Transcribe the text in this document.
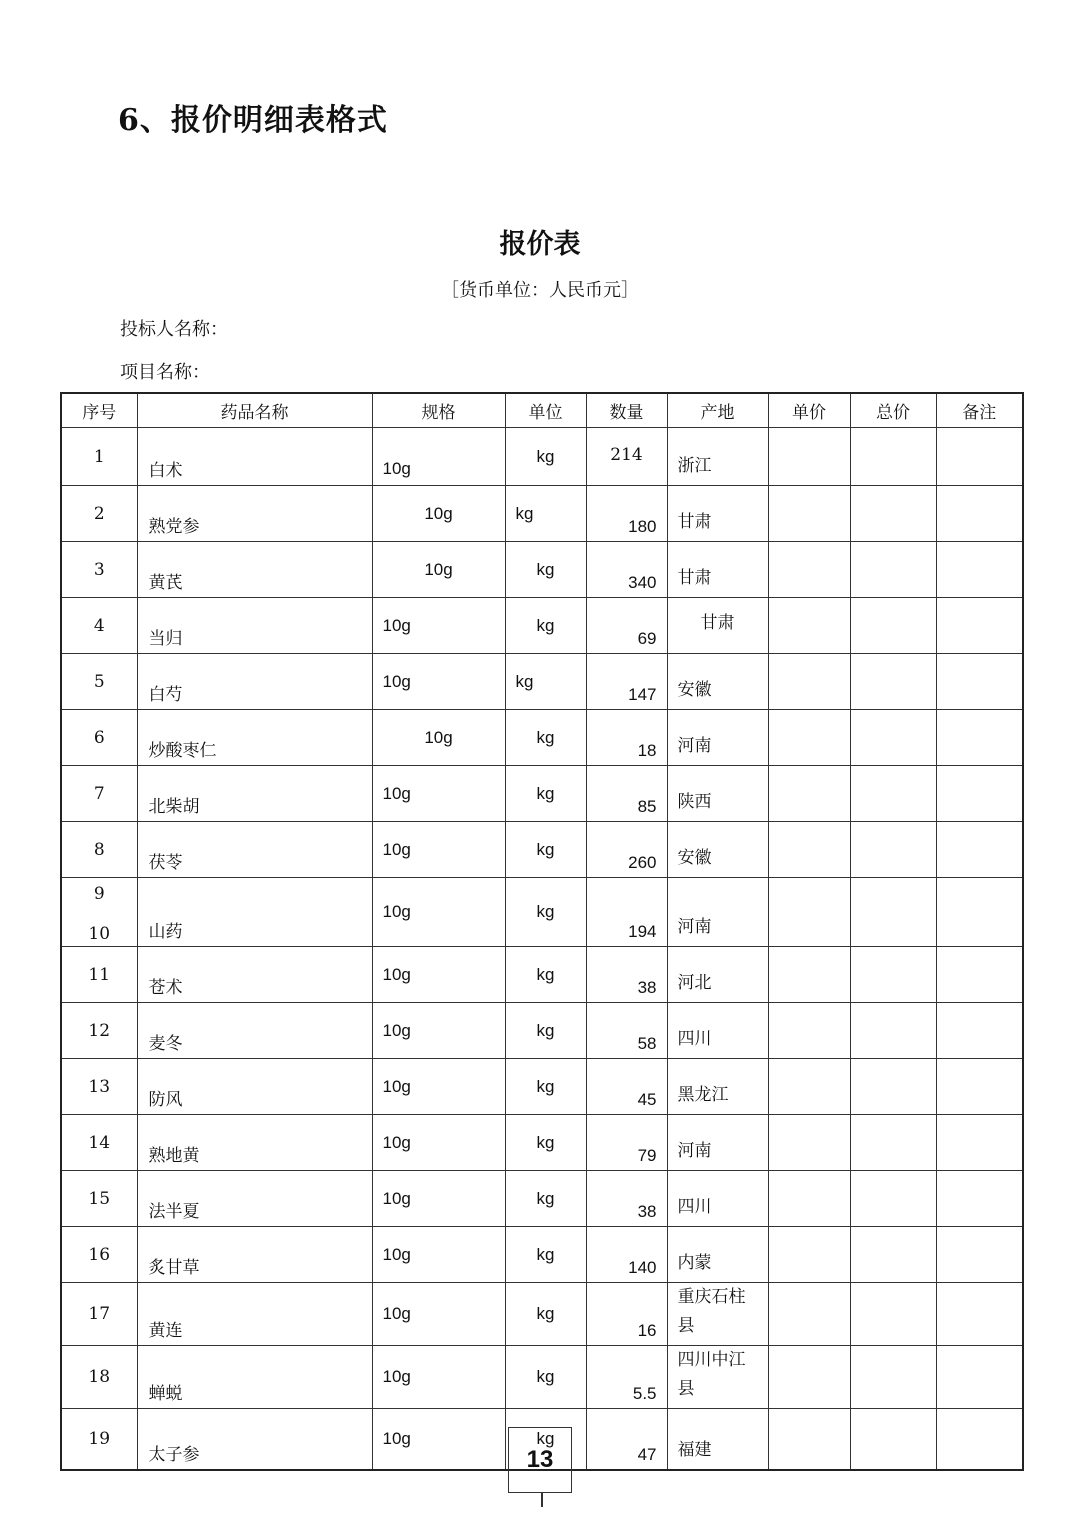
6、报价明细表格式
报价表
［货币单位：人民币元］
投标人名称：
项目名称：
序号	药品名称	规格	单位	数量	产地	单价	总价	备注
1	白术	10g	kg	214	浙江			
2	熟党参	10g	kg	180	甘肃			
3	黄芪	10g	kg	340	甘肃			
4	当归	10g	kg	69	甘肃			
5	白芍	10g	kg	147	安徽			
6	炒酸枣仁	10g	kg	18	河南			
7	北柴胡	10g	kg	85	陕西			
8	茯苓	10g	kg	260	安徽			

9
10	山药	10g	kg	194	河南			
11	苍术	10g	kg	38	河北			
12	麦冬	10g	kg	58	四川			
13	防风	10g	kg	45	黑龙江			
14	熟地黄	10g	kg	79	河南			
15	法半夏	10g	kg	38	四川			
16	炙甘草	10g	kg	140	内蒙			
17	黄连	10g	kg	16	重庆石柱
县			
18	蝉蜕	10g	kg	5.5	四川中江
县			
19	太子参	10g	kg	47	福建			
13
